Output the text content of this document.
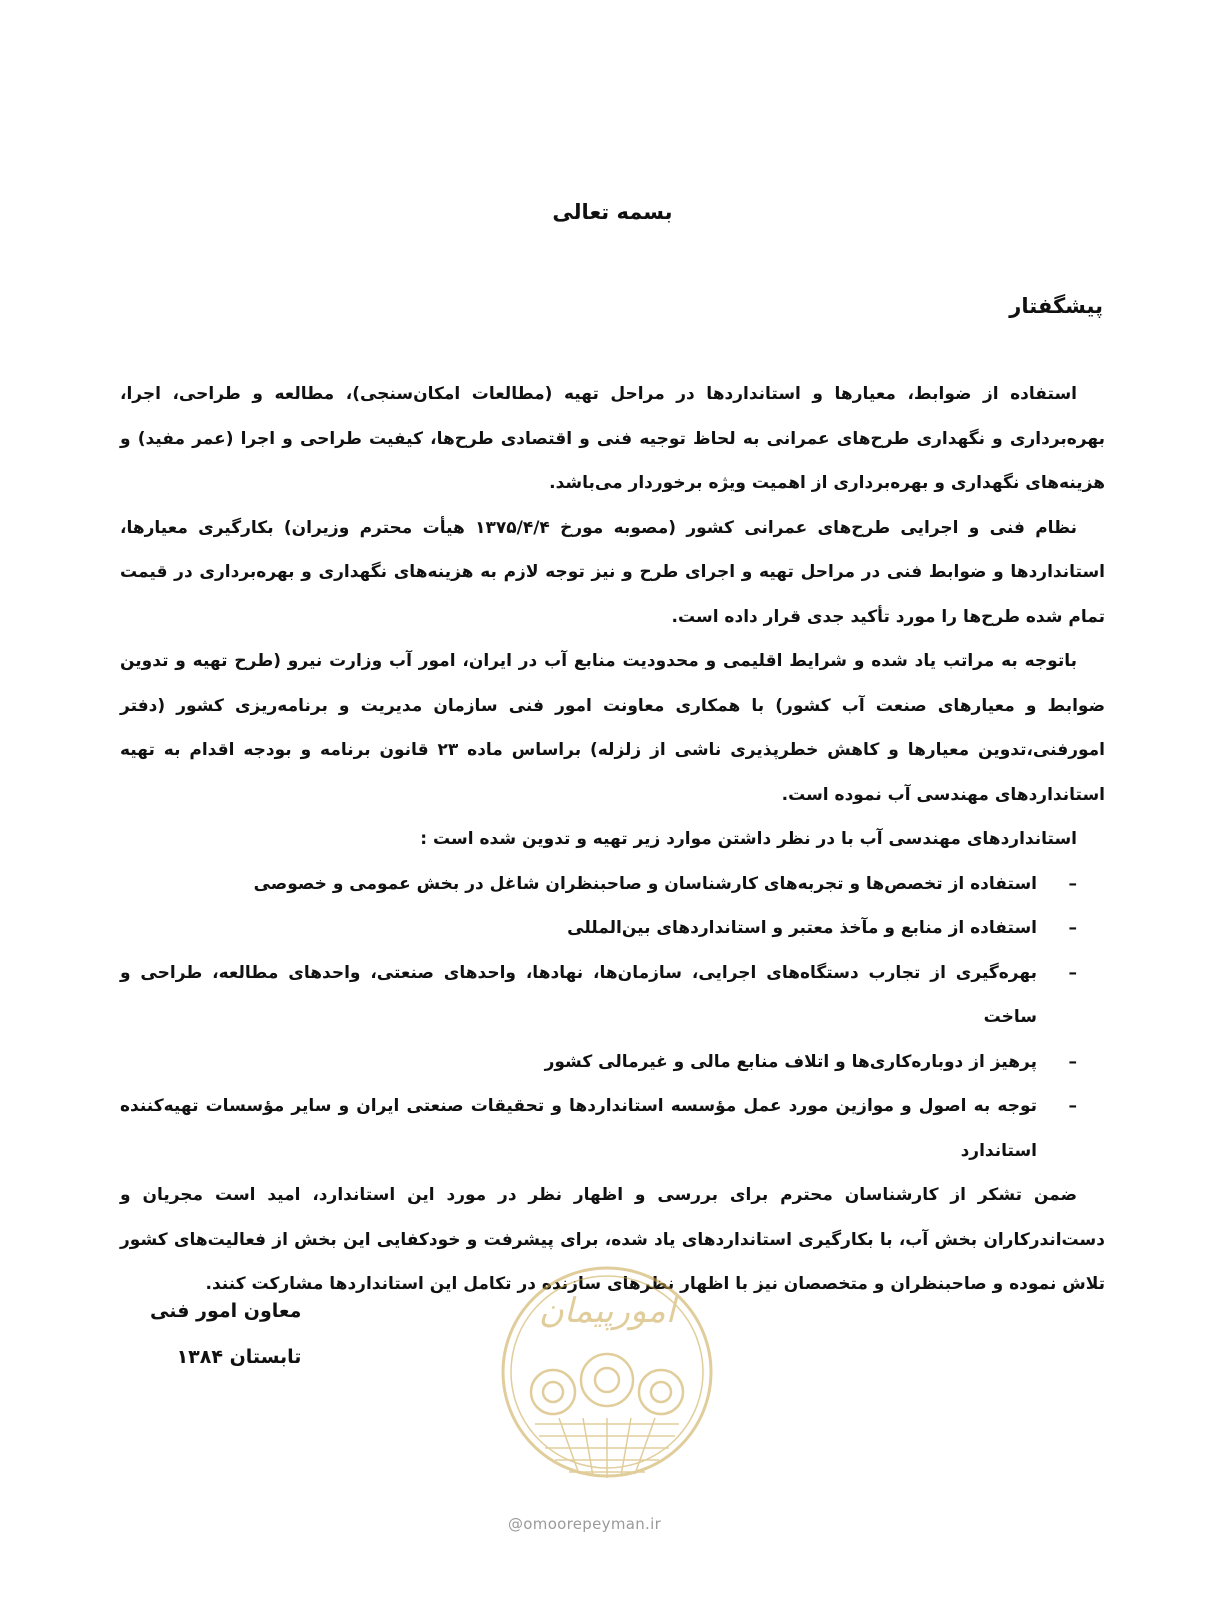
بسمه تعالی
پیشگفتار

استفاده از ضوابط، معیارها و استانداردها در مراحل تهیه (مطالعات امکان‌سنجی)، مطالعه و طراحی، اجرا، بهره‌برداری و نگهداری طرح‌های عمرانی به لحاظ توجیه فنی و اقتصادی طرح‌ها، کیفیت طراحی و اجرا (عمر مفید) و هزینه‌های نگهداری و بهره‌برداری از اهمیت ویژه برخوردار می‌باشد.

نظام فنی و اجرایی طرح‌های عمرانی کشور (مصوبه مورخ ۱۳۷۵/۴/۴ هیأت محترم وزیران) بکارگیری معیارها، استانداردها و ضوابط فنی در مراحل تهیه و اجرای طرح و نیز توجه لازم به هزینه‌های نگهداری و بهره‌برداری در قیمت تمام شده طرح‌ها را مورد تأکید جدی قرار داده است.

باتوجه به مراتب یاد شده و شرایط اقلیمی و محدودیت منابع آب در ایران، امور آب وزارت نیرو (طرح تهیه و تدوین ضوابط و معیارهای صنعت آب کشور) با همکاری معاونت امور فنی سازمان مدیریت و برنامه‌ریزی کشور (دفتر امورفنی،تدوین معیارها و کاهش خطرپذیری ناشی از زلزله) براساس ماده ۲۳ قانون برنامه و بودجه اقدام به تهیه استانداردهای مهندسی آب نموده است.

استانداردهای مهندسی آب با در نظر داشتن موارد زیر تهیه و تدوین شده است :

–
استفاده از تخصص‌ها و تجربه‌های کارشناسان و صاحبنظران شاغل در بخش عمومی و خصوصی
–
استفاده از منابع و مآخذ معتبر و استانداردهای بین‌المللی
–
بهره‌گیری از تجارب دستگاه‌های اجرایی، سازمان‌ها، نهادها، واحدهای صنعتی، واحدهای مطالعه، طراحی و ساخت
–
پرهیز از دوباره‌کاری‌ها و اتلاف منابع مالی و غیرمالی کشور
–
توجه به اصول و موازین مورد عمل مؤسسه استانداردها و تحقیقات صنعتی ایران و سایر مؤسسات تهیه‌کننده استاندارد

ضمن تشکر از کارشناسان محترم برای بررسی و اظهار نظر در مورد این استاندارد، امید است مجریان و دست‌اندرکاران بخش آب، با بکارگیری استانداردهای یاد شده، برای پیشرفت و خودکفایی این بخش از فعالیت‌های کشور تلاش نموده و صاحبنظران و متخصصان نیز با اظهار نظرهای سازنده در تکامل این استانداردها مشارکت کنند.

معاون امور فنی
تابستان ۱۳۸۴
امورپیمان
@omoorepeyman.ir
